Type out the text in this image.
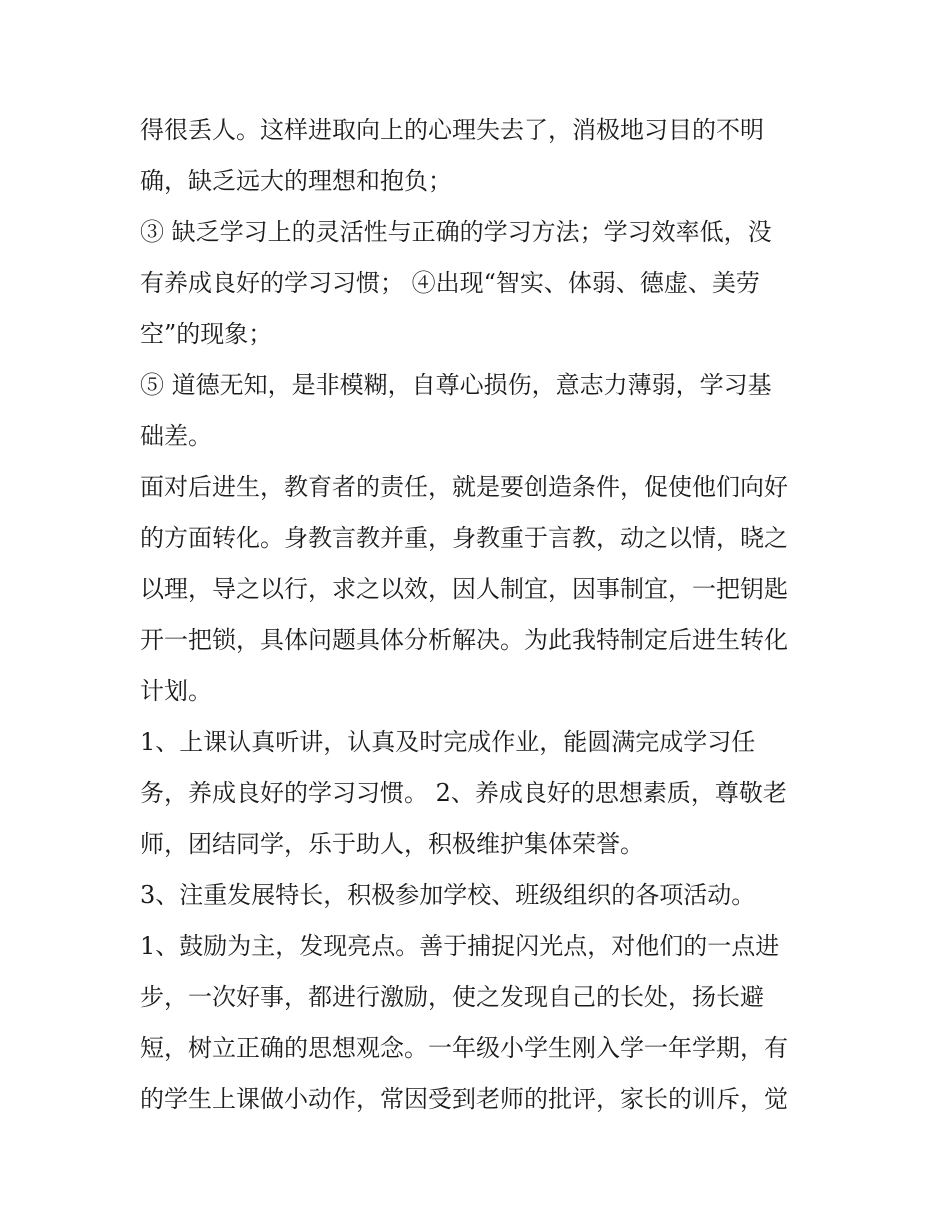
得很丢人。这样进取向上的心理失去了，消极地习目的不明
确，缺乏远大的理想和抱负；
③ 缺乏学习上的灵活性与正确的学习方法；学习效率低，没
有养成良好的学习习惯； ④出现“智实、体弱、德虚、美劳
空”的现象；
⑤ 道德无知，是非模糊，自尊心损伤，意志力薄弱，学习基
础差。
面对后进生，教育者的责任，就是要创造条件，促使他们向好
的方面转化。身教言教并重，身教重于言教，动之以情，晓之
以理，导之以行，求之以效，因人制宜，因事制宜，一把钥匙
开一把锁，具体问题具体分析解决。为此我特制定后进生转化
计划。
1、上课认真听讲，认真及时完成作业，能圆满完成学习任
务，养成良好的学习习惯。 2、养成良好的思想素质，尊敬老
师，团结同学，乐于助人，积极维护集体荣誉。
3、注重发展特长，积极参加学校、班级组织的各项活动。
1、鼓励为主，发现亮点。善于捕捉闪光点，对他们的一点进
步，一次好事，都进行激励，使之发现自己的长处，扬长避
短，树立正确的思想观念。一年级小学生刚入学一年学期，有
的学生上课做小动作，常因受到老师的批评，家长的训斥，觉
